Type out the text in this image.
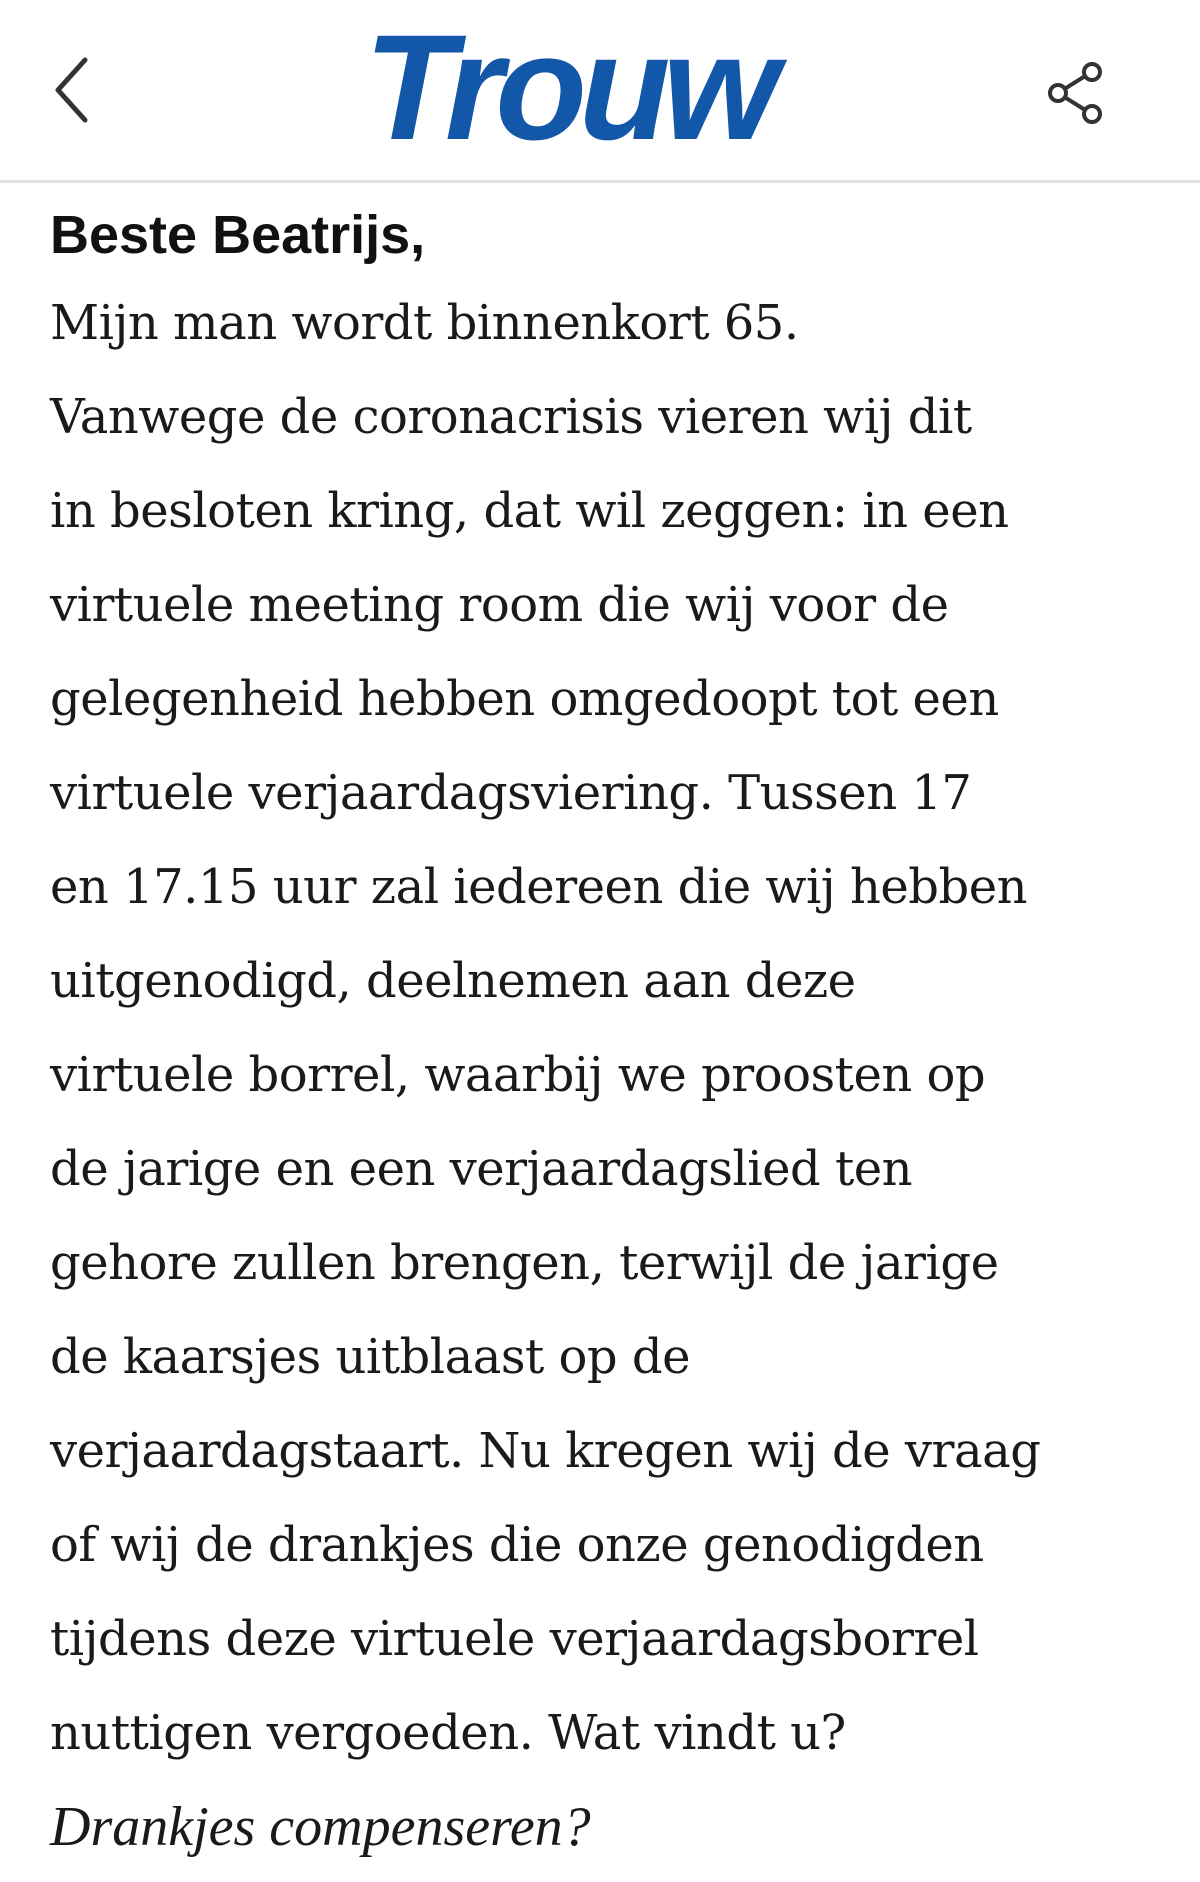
Trouw
Beste Beatrijs,
Mijn man wordt binnenkort 65.
Vanwege de coronacrisis vieren wij dit
in besloten kring, dat wil zeggen: in een
virtuele meeting room die wij voor de
gelegenheid hebben omgedoopt tot een
virtuele verjaardagsviering. Tussen 17
en 17.15 uur zal iedereen die wij hebben
uitgenodigd, deelnemen aan deze
virtuele borrel, waarbij we proosten op
de jarige en een verjaardagslied ten
gehore zullen brengen, terwijl de jarige
de kaarsjes uitblaast op de
verjaardagstaart. Nu kregen wij de vraag
of wij de drankjes die onze genodigden
tijdens deze virtuele verjaardagsborrel
nuttigen vergoeden. Wat vindt u?
Drankjes compenseren?
